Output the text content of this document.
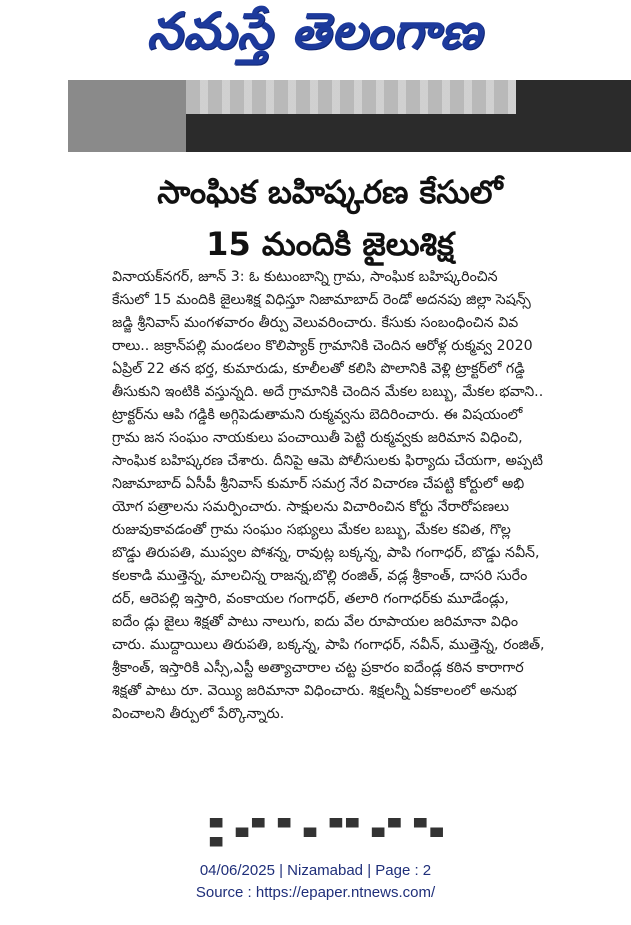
నమస్తే తెలంగాణ
సాంఘిక బహిష్కరణ కేసులో
15 మందికి జైలుశిక్ష
వినాయక్‌నగర్, జూన్ 3: ఓ కుటుంబాన్ని గ్రామ, సాంఘిక బహిష్కరించిన
కేసులో 15 మందికి జైలుశిక్ష విధిస్తూ నిజామాబాద్ రెండో అదనపు జిల్లా సెషన్స్
జడ్జి శ్రీనివాస్ మంగళవారం తీర్పు వెలువరించారు. కేసుకు సంబంధించిన వివ
రాలు.. జక్రాన్‌పల్లి మండలం కొలిప్యాక్ గ్రామానికి చెందిన ఆరోళ్ల రుక్మవ్వ 2020
ఏప్రిల్ 22 తన భర్త, కుమారుడు, కూలీలతో కలిసి పొలానికి వెళ్లి ట్రాక్టర్‌లో గడ్డి
తీసుకుని ఇంటికి వస్తున్నది. అదే గ్రామానికి చెందిన మేకల బబ్బు, మేకల భవాని..
ట్రాక్టర్‌ను ఆపి గడ్డికి అగ్గిపెడుతామని రుక్మవ్వను బెదిరించారు. ఈ విషయంలో
గ్రామ జన సంఘం నాయకులు పంచాయితీ పెట్టి రుక్మవ్వకు జరిమాన విధించి,
సాంఘిక బహిష్కరణ చేశారు. దీనిపై ఆమె పోలీసులకు ఫిర్యాదు చేయగా, అప్పటి
నిజామాబాద్ ఏసీపీ శ్రీనివాస్ కుమార్ సమగ్ర నేర విచారణ చేపట్టి కోర్టులో అభి
యోగ పత్రాలను సమర్పించారు. సాక్షులను విచారించిన కోర్టు నేరారోపణలు
రుజువుకావడంతో గ్రామ సంఘం సభ్యులు మేకల బబ్బు, మేకల కవిత, గొల్ల
బొడ్డు తిరుపతి, ముప్వల పోశన్న, రావుట్ల బక్కన్న, పాపి గంగాధర్, బొడ్డు నవీన్,
కలకాడి ముత్తెన్న, మాలచిన్న రాజన్న,బొల్లి రంజిత్, వడ్ల శ్రీకాంత్, దాసరి సురేం
దర్, ఆరెపల్లి ఇస్తారి, వంకాయల గంగాధర్, తలారి గంగాధర్‌కు మూడేండ్లు,
ఐదేం డ్లు జైలు శిక్షతో పాటు నాలుగు, ఐదు వేల రూపాయల జరిమానా విధిం
చారు. ముద్దాయిలు తిరుపతి, బక్కన్న, పాపి గంగాధర్, నవీన్, ముత్తెన్న, రంజిత్,
శ్రీకాంత్, ఇస్తారికి ఎస్సీ,ఎస్టీ అత్యాచారాల చట్ట ప్రకారం ఐదేండ్ల కఠిన కారాగార
శిక్షతో పాటు రూ. వెయ్యి జరిమానా విధించారు. శిక్షలన్నీ ఏకకాలంలో అనుభ
వించాలని తీర్పులో పేర్కొన్నారు.
▀ ▄▀ ▀ ▄ ▀▀ ▄▀ ▀▄ ▀
04/06/2025 | Nizamabad | Page : 2
Source : https://epaper.ntnews.com/
